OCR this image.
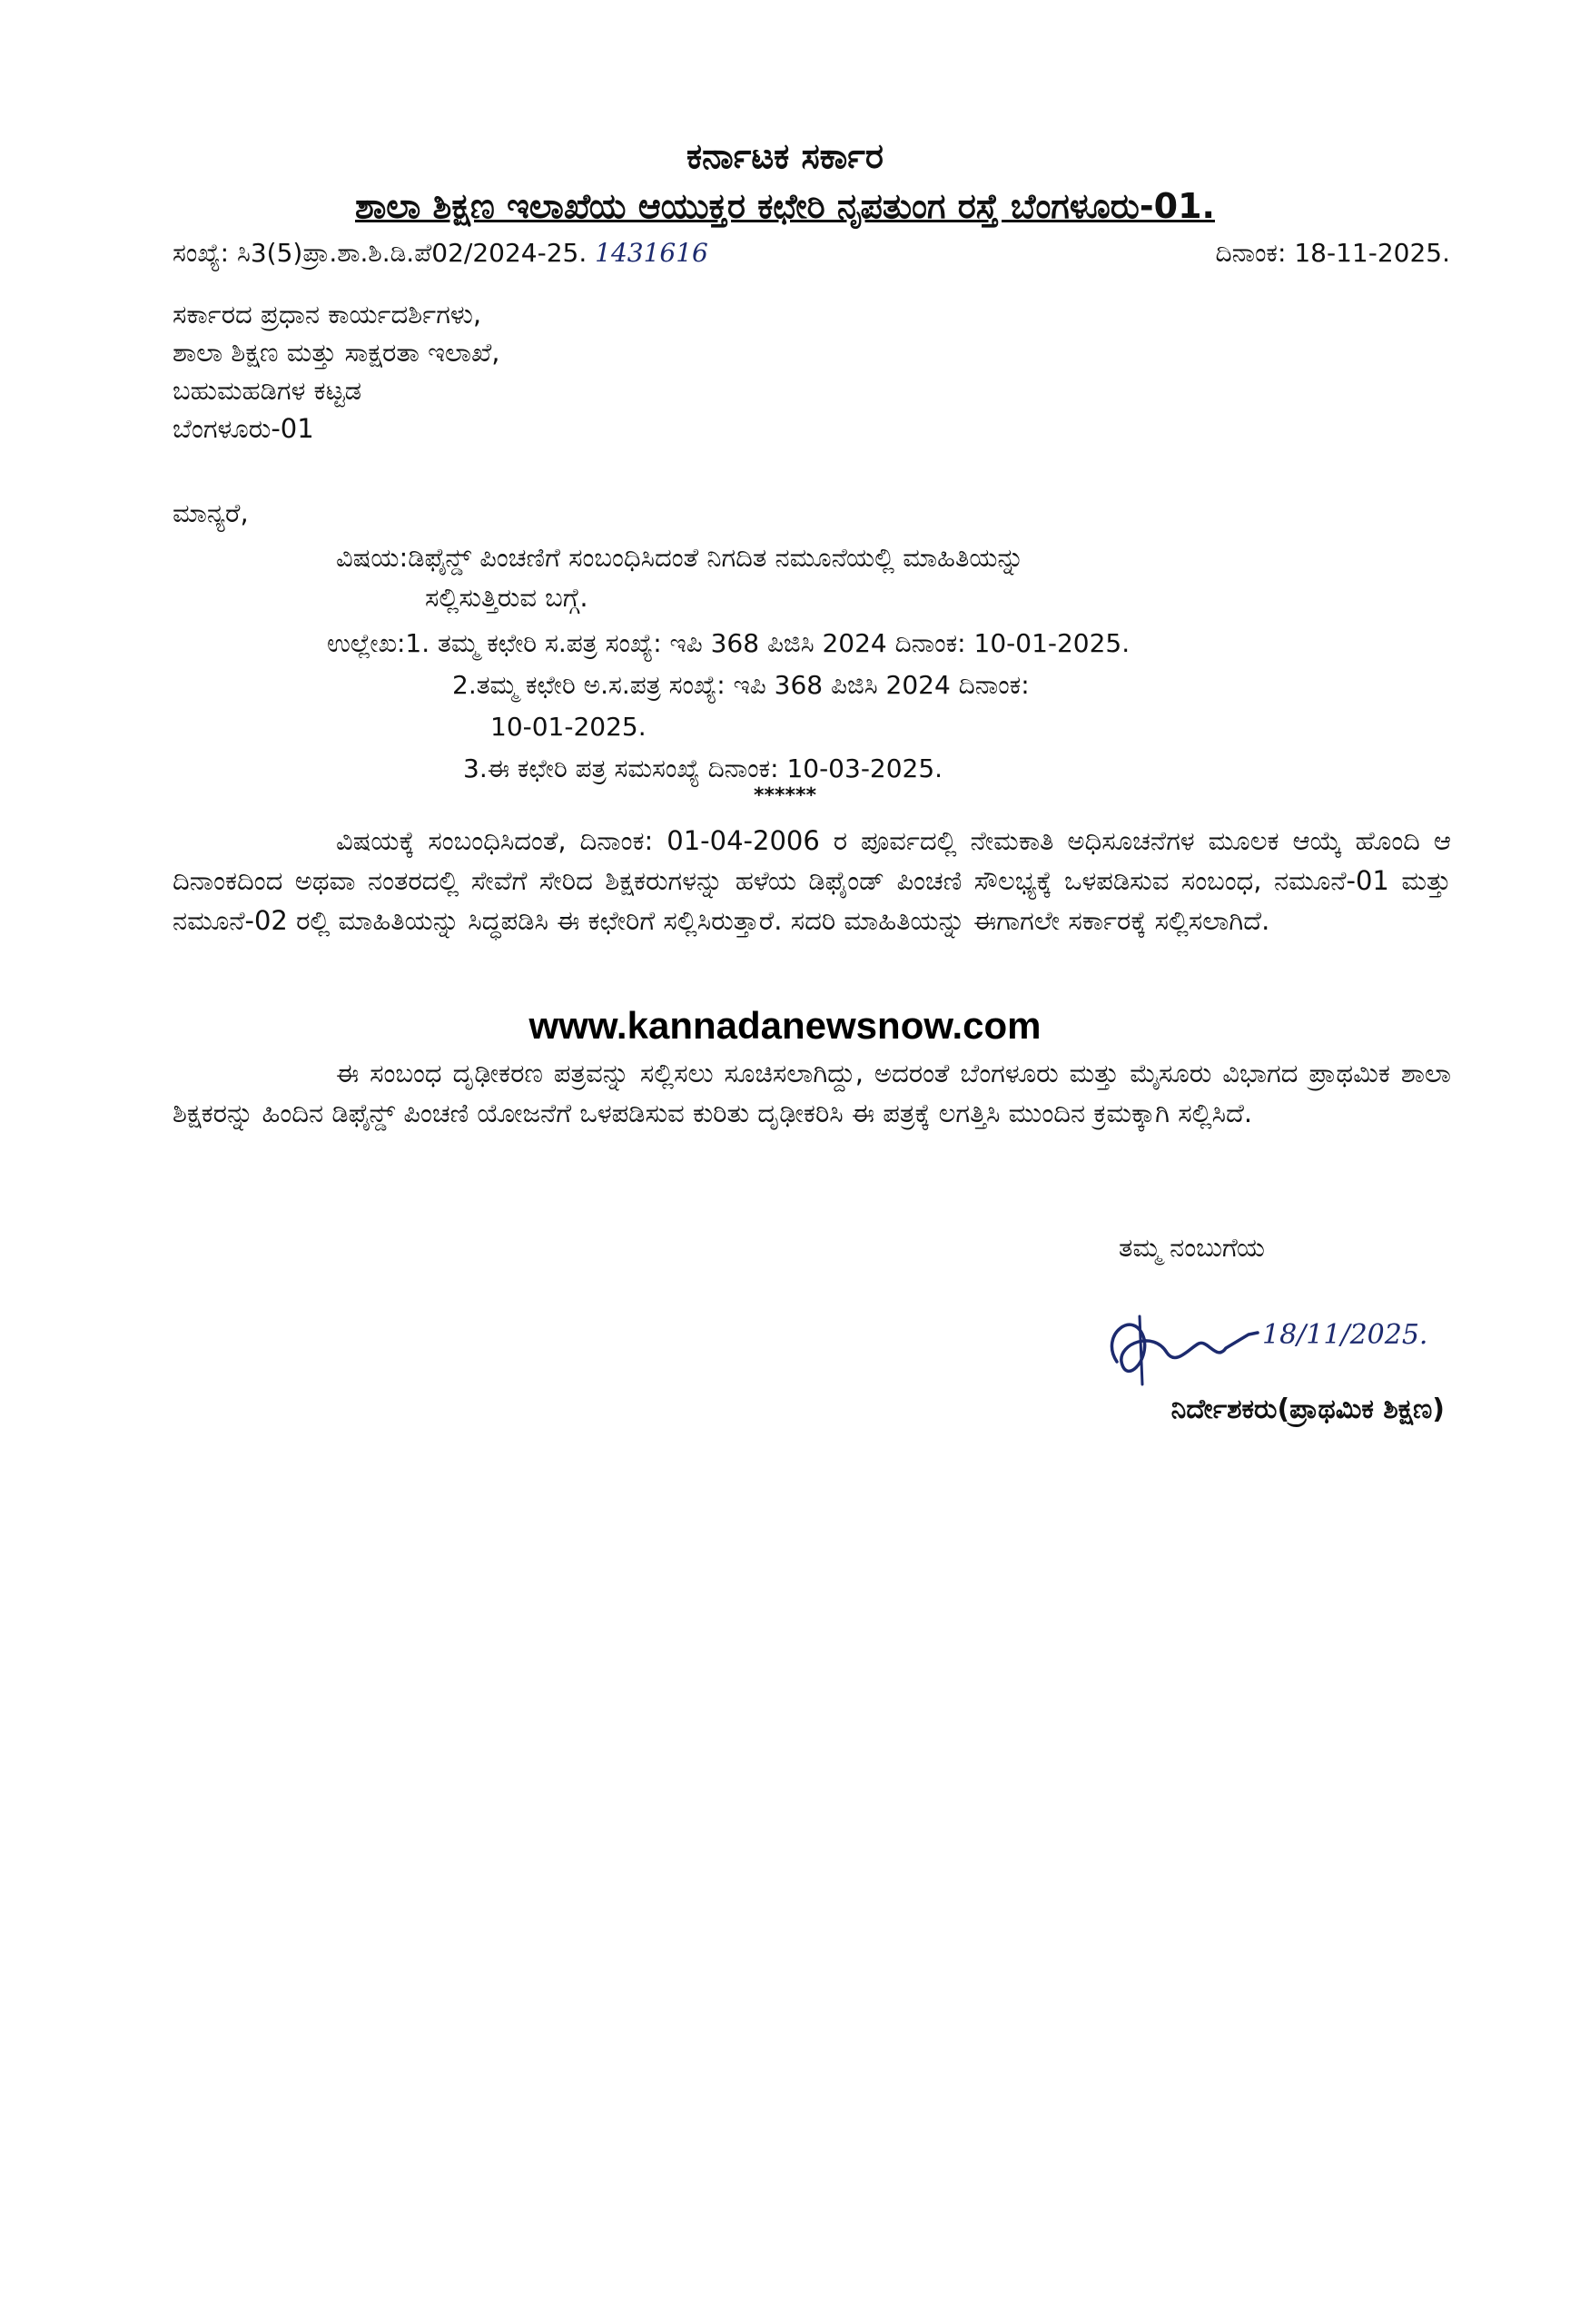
ಕರ್ನಾಟಕ ಸರ್ಕಾರ
ಶಾಲಾ ಶಿಕ್ಷಣ ಇಲಾಖೆಯ ಆಯುಕ್ತರ ಕಛೇರಿ ನೃಪತುಂಗ ರಸ್ತೆ ಬೆಂಗಳೂರು-01.
ಸಂಖ್ಯೆ: ಸಿ3(5)ಪ್ರಾ.ಶಾ.ಶಿ.ಡಿ.ಪೆ02/2024-25. 1431616	ದಿನಾಂಕ: 18-11-2025.
ಸರ್ಕಾರದ ಪ್ರಧಾನ ಕಾರ್ಯದರ್ಶಿಗಳು,
ಶಾಲಾ ಶಿಕ್ಷಣ ಮತ್ತು ಸಾಕ್ಷರತಾ ಇಲಾಖೆ,
ಬಹುಮಹಡಿಗಳ ಕಟ್ಟಡ
ಬೆಂಗಳೂರು-01
ಮಾನ್ಯರೆ,
ವಿಷಯ:ಡಿಫೈನ್ಡ್ ಪಿಂಚಣಿಗೆ ಸಂಬಂಧಿಸಿದಂತೆ ನಿಗದಿತ ನಮೂನೆಯಲ್ಲಿ ಮಾಹಿತಿಯನ್ನು
ಸಲ್ಲಿಸುತ್ತಿರುವ ಬಗ್ಗೆ.
ಉಲ್ಲೇಖ:1. ತಮ್ಮ ಕಛೇರಿ ಸ.ಪತ್ರ ಸಂಖ್ಯೆ: ಇಪಿ 368 ಪಿಜಿಸಿ 2024 ದಿನಾಂಕ: 10-01-2025.
2.ತಮ್ಮ ಕಛೇರಿ ಅ.ಸ.ಪತ್ರ ಸಂಖ್ಯೆ: ಇಪಿ 368 ಪಿಜಿಸಿ 2024 ದಿನಾಂಕ:
10-01-2025.
3.ಈ ಕಛೇರಿ ಪತ್ರ ಸಮಸಂಖ್ಯೆ ದಿನಾಂಕ: 10-03-2025.
******
ವಿಷಯಕ್ಕೆ ಸಂಬಂಧಿಸಿದಂತೆ, ದಿನಾಂಕ: 01-04-2006 ರ ಪೂರ್ವದಲ್ಲಿ ನೇಮಕಾತಿ ಅಧಿಸೂಚನೆಗಳ ಮೂಲಕ ಆಯ್ಕೆ ಹೊಂದಿ ಆ ದಿನಾಂಕದಿಂದ ಅಥವಾ ನಂತರದಲ್ಲಿ ಸೇವೆಗೆ ಸೇರಿದ ಶಿಕ್ಷಕರುಗಳನ್ನು ಹಳೆಯ ಡಿಫೈಂಡ್ ಪಿಂಚಣಿ ಸೌಲಭ್ಯಕ್ಕೆ ಒಳಪಡಿಸುವ ಸಂಬಂಧ, ನಮೂನೆ-01 ಮತ್ತು ನಮೂನೆ-02 ರಲ್ಲಿ ಮಾಹಿತಿಯನ್ನು ಸಿದ್ಧಪಡಿಸಿ ಈ ಕಛೇರಿಗೆ ಸಲ್ಲಿಸಿರುತ್ತಾರೆ. ಸದರಿ ಮಾಹಿತಿಯನ್ನು ಈಗಾಗಲೇ ಸರ್ಕಾರಕ್ಕೆ ಸಲ್ಲಿಸಲಾಗಿದೆ.
www.kannadanewsnow.com
ಈ ಸಂಬಂಧ ದೃಢೀಕರಣ ಪತ್ರವನ್ನು ಸಲ್ಲಿಸಲು ಸೂಚಿಸಲಾಗಿದ್ದು, ಅದರಂತೆ ಬೆಂಗಳೂರು ಮತ್ತು ಮೈಸೂರು ವಿಭಾಗದ ಪ್ರಾಥಮಿಕ ಶಾಲಾ ಶಿಕ್ಷಕರನ್ನು ಹಿಂದಿನ ಡಿಫೈನ್ಡ್ ಪಿಂಚಣಿ ಯೋಜನೆಗೆ ಒಳಪಡಿಸುವ ಕುರಿತು ದೃಢೀಕರಿಸಿ ಈ ಪತ್ರಕ್ಕೆ ಲಗತ್ತಿಸಿ ಮುಂದಿನ ಕ್ರಮಕ್ಕಾಗಿ ಸಲ್ಲಿಸಿದೆ.
ತಮ್ಮ ನಂಬುಗೆಯ
18/11/2025.
ನಿರ್ದೇಶಕರು(ಪ್ರಾಥಮಿಕ ಶಿಕ್ಷಣ)
